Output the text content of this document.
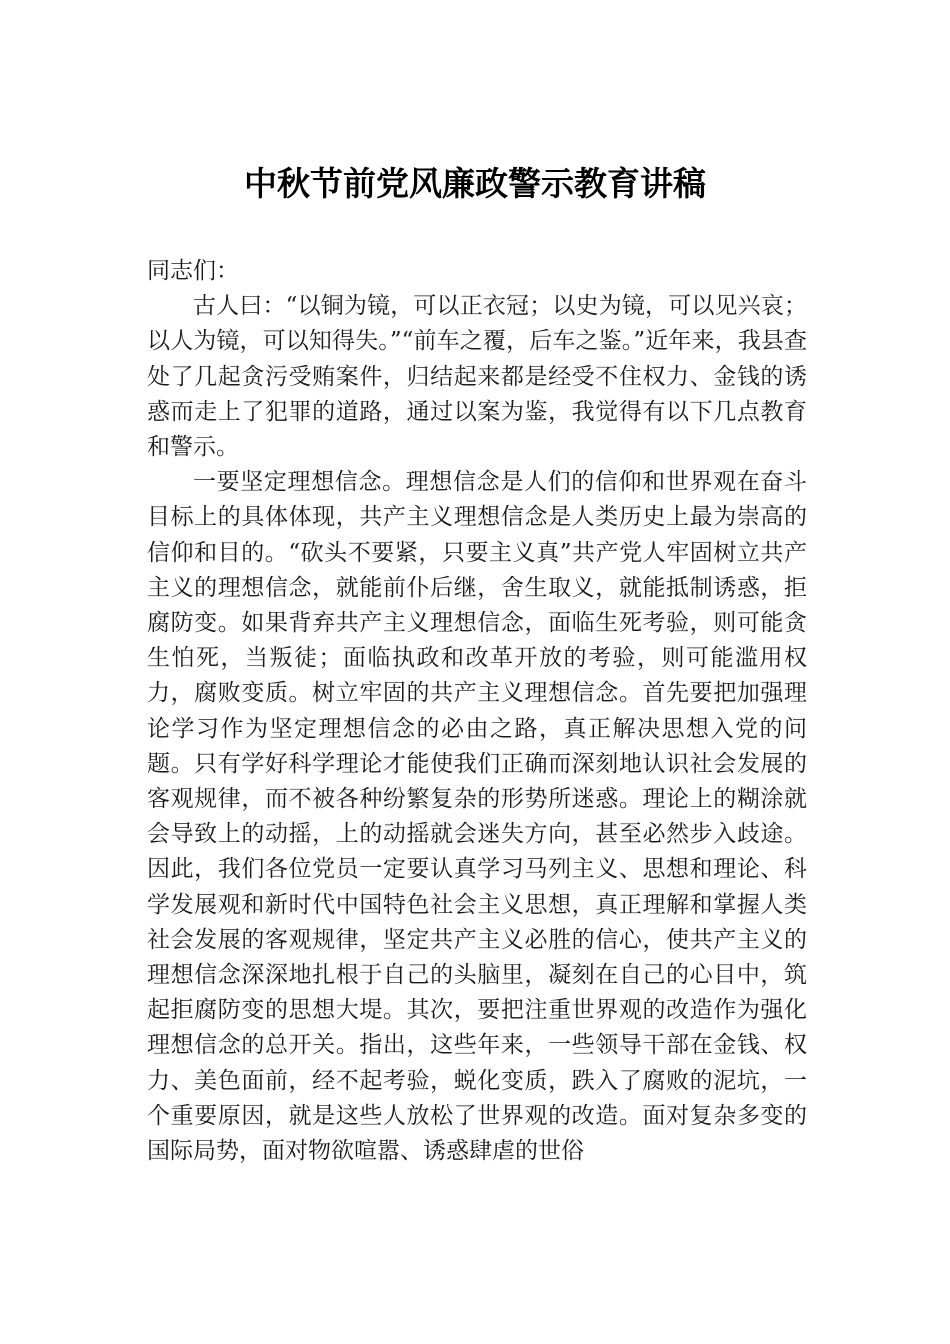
中秋节前党风廉政警示教育讲稿

同志们：

古人曰：“以铜为镜，可以正衣冠；以史为镜，可以见兴哀；以人为镜，可以知得失。”“前车之覆，后车之鉴。”近年来，我县查处了几起贪污受贿案件，归结起来都是经受不住权力、金钱的诱惑而走上了犯罪的道路，通过以案为鉴，我觉得有以下几点教育和警示。

一要坚定理想信念。理想信念是人们的信仰和世界观在奋斗目标上的具体体现，共产主义理想信念是人类历史上最为崇高的信仰和目的。“砍头不要紧，只要主义真”共产党人牢固树立共产主义的理想信念，就能前仆后继，舍生取义，就能抵制诱惑，拒腐防变。如果背弃共产主义理想信念，面临生死考验，则可能贪生怕死，当叛徒；面临执政和改革开放的考验，则可能滥用权力，腐败变质。树立牢固的共产主义理想信念。首先要把加强理论学习作为坚定理想信念的必由之路，真正解决思想入党的问题。只有学好科学理论才能使我们正确而深刻地认识社会发展的客观规律，而不被各种纷繁复杂的形势所迷惑。理论上的糊涂就会导致上的动摇，上的动摇就会迷失方向，甚至必然步入歧途。因此，我们各位党员一定要认真学习马列主义、思想和理论、科学发展观和新时代中国特色社会主义思想，真正理解和掌握人类社会发展的客观规律，坚定共产主义必胜的信心，使共产主义的理想信念深深地扎根于自己的头脑里，凝刻在自己的心目中，筑起拒腐防变的思想大堤。其次，要把注重世界观的改造作为强化理想信念的总开关。指出，这些年来，一些领导干部在金钱、权力、美色面前，经不起考验，蜕化变质，跌入了腐败的泥坑，一个重要原因，就是这些人放松了世界观的改造。面对复杂多变的国际局势，面对物欲喧嚣、诱惑肆虐的世俗
